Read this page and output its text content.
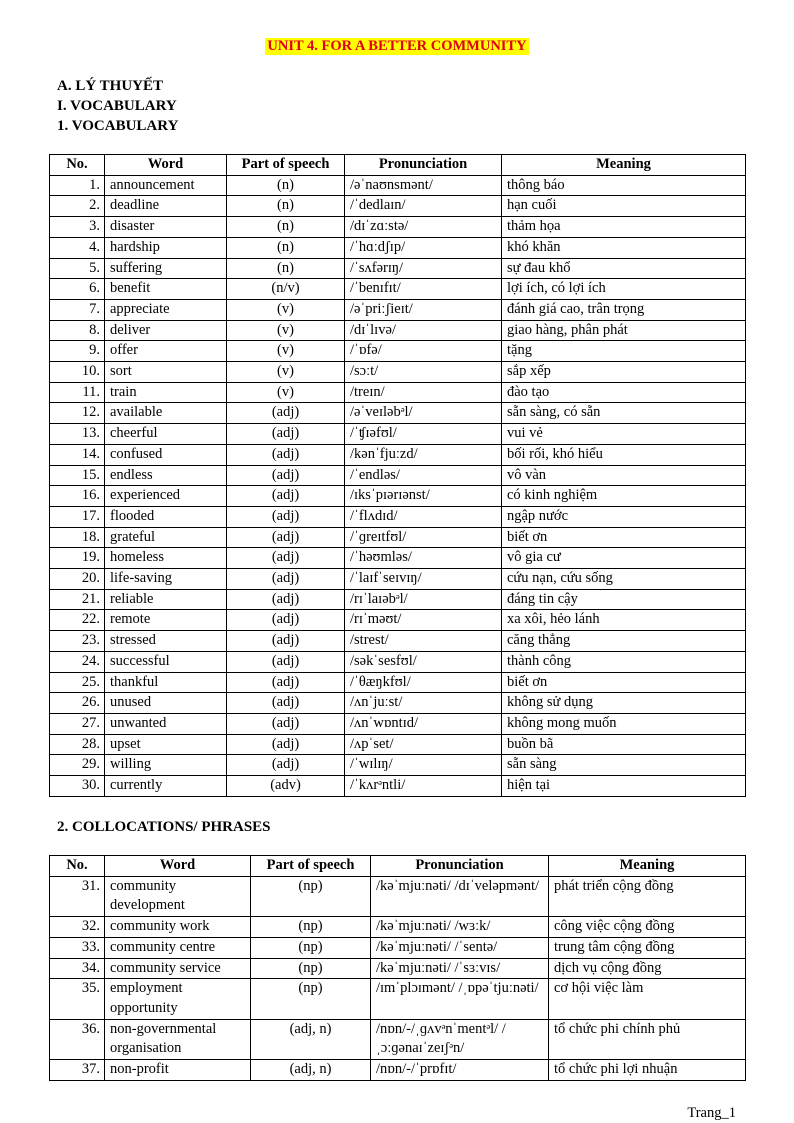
UNIT 4. FOR A BETTER COMMUNITY
A. LÝ THUYẾT
I. VOCABULARY
1. VOCABULARY
No.	Word	Part of speech	Pronunciation	Meaning
1.	announcement	(n)	/əˈnaʊnsmənt/	thông báo
2.	deadline	(n)	/ˈdedlaɪn/	hạn cuối
3.	disaster	(n)	/dɪˈzɑːstə/	thảm họa
4.	hardship	(n)	/ˈhɑːdʃɪp/	khó khăn
5.	suffering	(n)	/ˈsʌfərɪŋ/	sự đau khổ
6.	benefit	(n/v)	/ˈbenɪfɪt/	lợi ích, có lợi ích
7.	appreciate	(v)	/əˈpriːʃieɪt/	đánh giá cao, trân trọng
8.	deliver	(v)	/dɪˈlɪvə/	giao hàng, phân phát
9.	offer	(v)	/ˈɒfə/	tặng
10.	sort	(v)	/sɔːt/	sắp xếp
11.	train	(v)	/treɪn/	đào tạo
12.	available	(adj)	/əˈveɪləbᵊl/	sẵn sàng, có sẵn
13.	cheerful	(adj)	/ˈʧɪəfʊl/	vui vẻ
14.	confused	(adj)	/kənˈfjuːzd/	bối rối, khó hiểu
15.	endless	(adj)	/ˈendləs/	vô vàn
16.	experienced	(adj)	/ɪksˈpɪərɪənst/	có kinh nghiệm
17.	flooded	(adj)	/ˈflʌdɪd/	ngập nước
18.	grateful	(adj)	/ˈɡreɪtfʊl/	biết ơn
19.	homeless	(adj)	/ˈhəʊmləs/	vô gia cư
20.	life-saving	(adj)	/ˈlaɪfˈseɪvɪŋ/	cứu nạn, cứu sống
21.	reliable	(adj)	/rɪˈlaɪəbᵊl/	đáng tin cậy
22.	remote	(adj)	/rɪˈməʊt/	xa xôi, hẻo lánh
23.	stressed	(adj)	/strest/	căng thẳng
24.	successful	(adj)	/səkˈsesfʊl/	thành công
25.	thankful	(adj)	/ˈθæŋkfʊl/	biết ơn
26.	unused	(adj)	/ʌnˈjuːst/	không sử dụng
27.	unwanted	(adj)	/ʌnˈwɒntɪd/	không mong muốn
28.	upset	(adj)	/ʌpˈset/	buồn bã
29.	willing	(adj)	/ˈwɪlɪŋ/	sẵn sàng
30.	currently	(adv)	/ˈkʌrᵊntli/	hiện tại
2. COLLOCATIONS/ PHRASES
No.	Word	Part of speech	Pronunciation	Meaning
31.	community development	(np)	/kəˈmjuːnəti/ /dɪˈveləpmənt/	phát triển cộng đồng
32.	community work	(np)	/kəˈmjuːnəti/ /wɜːk/	công việc cộng đồng
33.	community centre	(np)	/kəˈmjuːnəti/ /ˈsentə/	trung tâm cộng đồng
34.	community service	(np)	/kəˈmjuːnəti/ /ˈsɜːvɪs/	dịch vụ cộng đồng
35.	employment opportunity	(np)	/ɪmˈplɔɪmənt/ /ˌɒpəˈtjuːnəti/	cơ hội việc làm
36.	non-governmental organisation	(adj, n)	/nɒn/-/ˌɡʌvᵊnˈmentᵊl/ /ˌɔːɡənaɪˈzeɪʃᵊn/	tổ chức phi chính phủ
37.	non-profit	(adj, n)	/nɒn/-/ˈprɒfɪt/	tổ chức phi lợi nhuận
Trang_1
